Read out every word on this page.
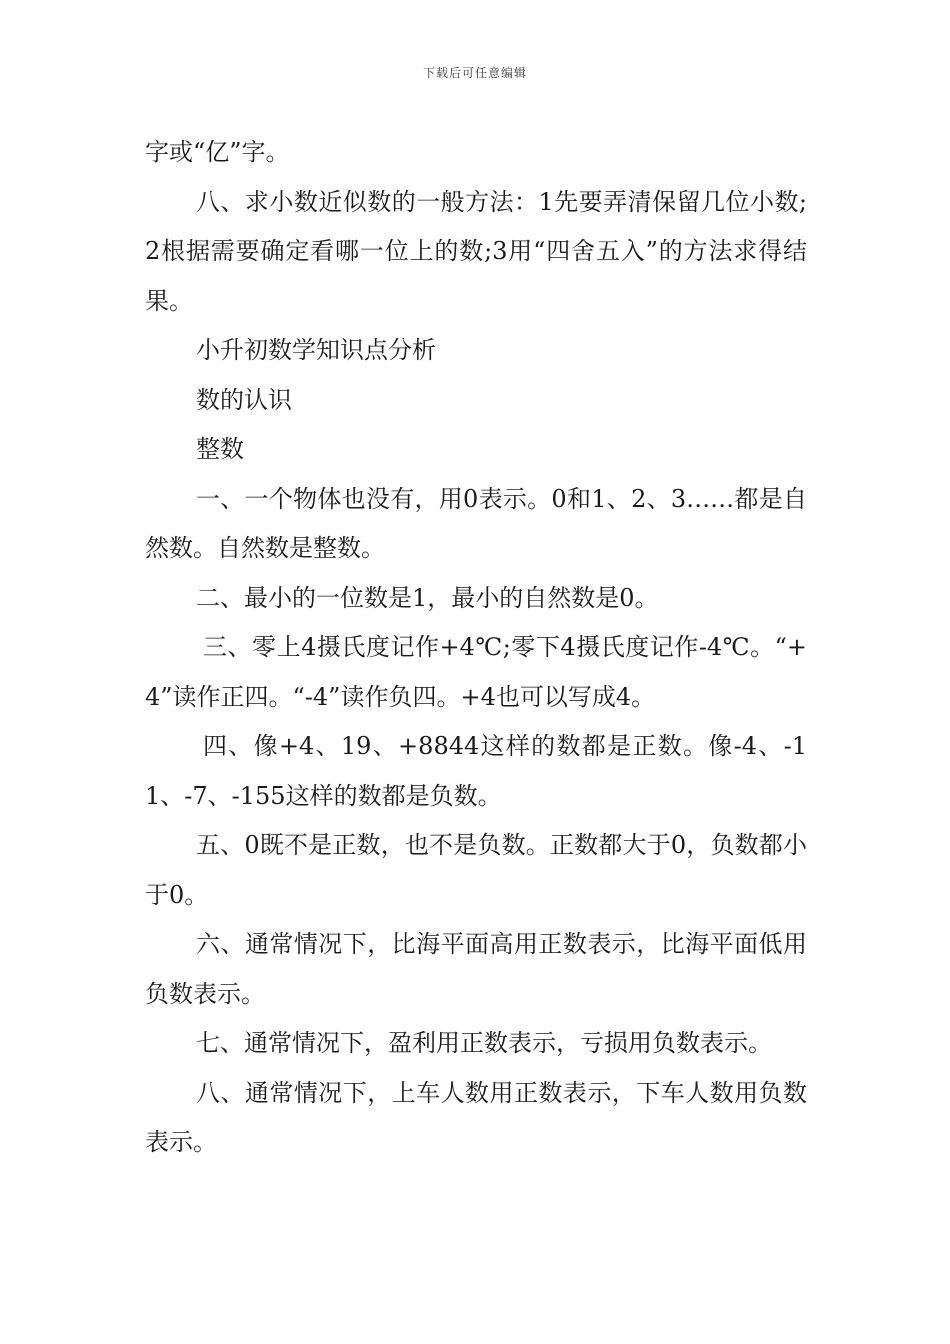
下载后可任意编辑

字或“亿”字。

八、求小数近似数的一般方法：1先要弄清保留几位小数;2根据需要确定看哪一位上的数;3用“四舍五入”的方法求得结果。

小升初数学知识点分析

数的认识

整数

一、一个物体也没有，用0表示。0和1、2、3……都是自然数。自然数是整数。

二、最小的一位数是1，最小的自然数是0。

三、零上4摄氏度记作+4℃;零下4摄氏度记作-4℃。“+4”读作正四。“-4”读作负四。+4也可以写成4。

四、像+4、19、+8844这样的数都是正数。像-4、-11、-7、-155这样的数都是负数。

五、0既不是正数，也不是负数。正数都大于0，负数都小于0。

六、通常情况下，比海平面高用正数表示，比海平面低用负数表示。

七、通常情况下，盈利用正数表示，亏损用负数表示。

八、通常情况下，上车人数用正数表示，下车人数用负数表示。
